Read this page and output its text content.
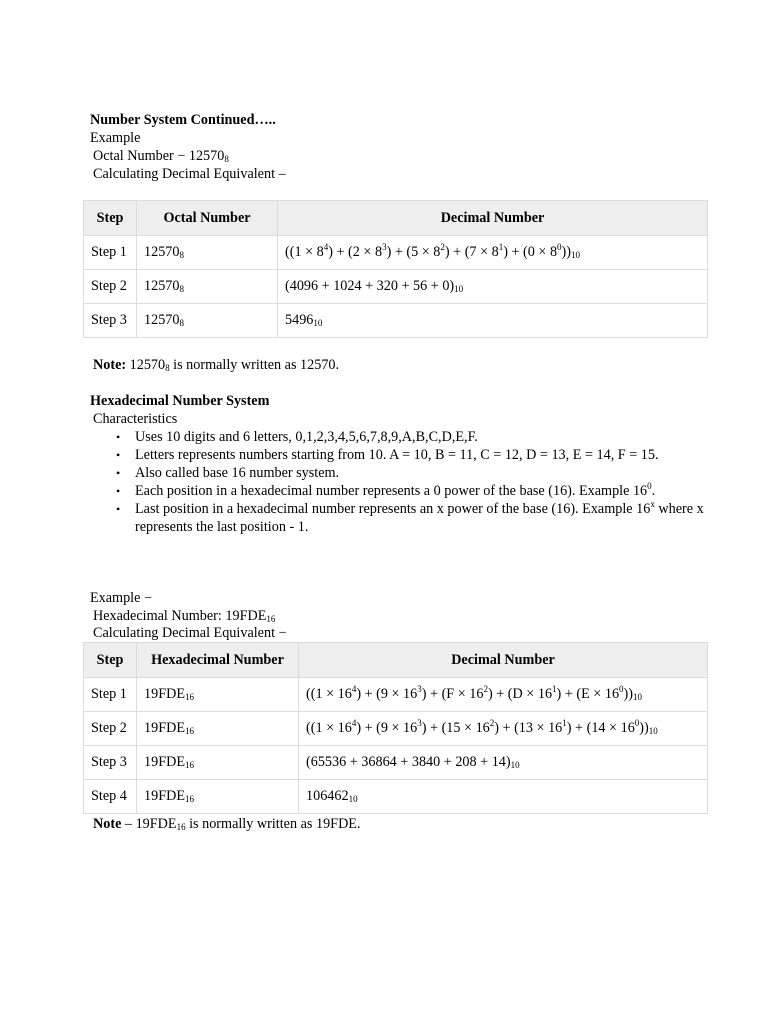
Number System Continued…..
Example
Octal Number − $12570_8$
Calculating Decimal Equivalent –
Step	Octal Number	Decimal Number
Step 1	$12570_8$	$((1 \times 8^4) + (2 \times 8^3) + (5 \times 8^2) + (7 \times 8^1) + (0 \times 8^0))_{10}$
Step 2	$12570_8$	$(4096 + 1024 + 320 + 56 + 0)_{10}$
Step 3	$12570_8$	$5496_{10}$
Note: $12570_8$ is normally written as 12570.
Hexadecimal Number System
Characteristics
• Uses 10 digits and 6 letters, 0,1,2,3,4,5,6,7,8,9,A,B,C,D,E,F.
• Letters represents numbers starting from 10. A = 10, B = 11, C = 12, D = 13, E = 14, F = 15.
• Also called base 16 number system.
• Each position in a hexadecimal number represents a 0 power of the base (16). Example $16^0$.
• Last position in a hexadecimal number represents an x power of the base (16). Example 16$^x$ where x represents the last position - 1.
Example −
Hexadecimal Number: $19FDE_{16}$
Calculating Decimal Equivalent −
Step	Hexadecimal Number	Decimal Number
Step 1	$19FDE_{16}$	$((1 \times 16^4) + (9 \times 16^3) + (F \times 16^2) + (D \times 16^1) + (E \times 16^0))_{10}$
Step 2	$19FDE_{16}$	$((1 \times 16^4) + (9 \times 16^3) + (15 \times 16^2) + (13 \times 16^1) + (14 \times 16^0))_{10}$
Step 3	$19FDE_{16}$	$(65536 + 36864 + 3840 + 208 + 14)_{10}$
Step 4	$19FDE_{16}$	$106462_{10}$
Note – $19FDE_{16}$ is normally written as 19FDE.
